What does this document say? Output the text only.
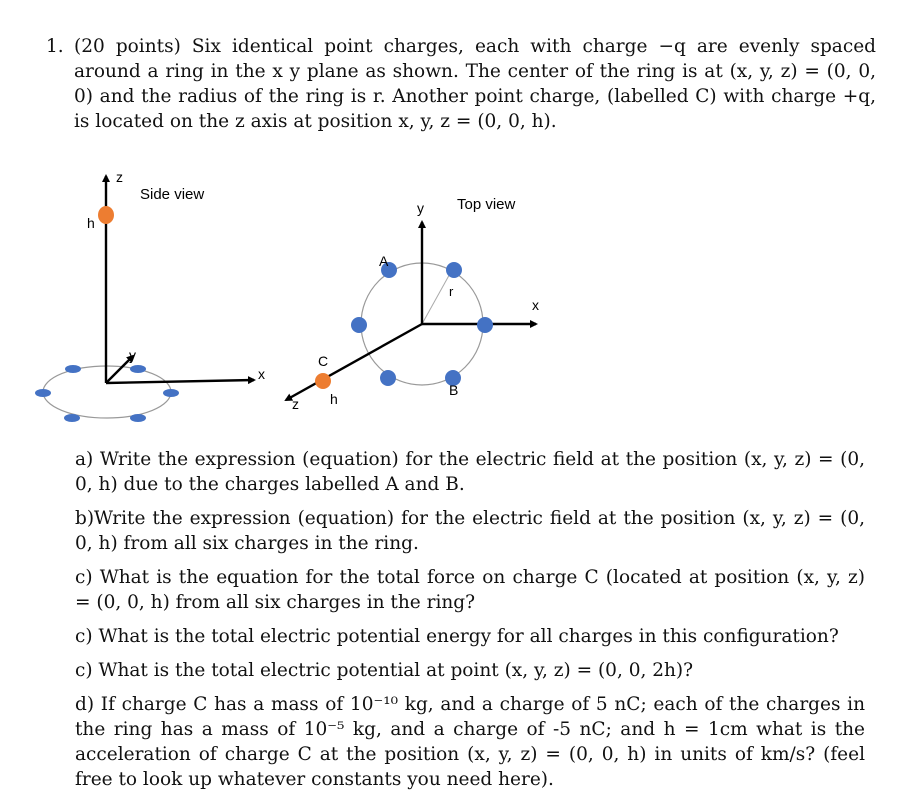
1. (20 points) Six identical point charges, each with charge −q are evenly spaced around a ring in the x y plane as shown. The center of the ring is at (x, y, z) = (0, 0, 0) and the radius of the ring is r. Another point charge, (labelled C) with charge +q, is located on the z axis at position x, y, z = (0, 0, h).
z
Side view
h
y
x
y Top view
A
r
x
C
B
z h

a) Write the expression (equation) for the electric field at the position (x, y, z) = (0, 0, h) due to the charges labelled A and B.

b)Write the expression (equation) for the electric field at the position (x, y, z) = (0, 0, h) from all six charges in the ring.

c) What is the equation for the total force on charge C (located at position (x, y, z) = (0, 0, h) from all six charges in the ring?

c) What is the total electric potential energy for all charges in this configuration?

c) What is the total electric potential at point (x, y, z) = (0, 0, 2h)?

d) If charge C has a mass of 10⁻¹⁰ kg, and a charge of 5 nC; each of the charges in the ring has a mass of 10⁻⁵ kg, and a charge of -5 nC; and h = 1cm what is the acceleration of charge C at the position (x, y, z) = (0, 0, h) in units of km/s? (feel free to look up whatever constants you need here).
